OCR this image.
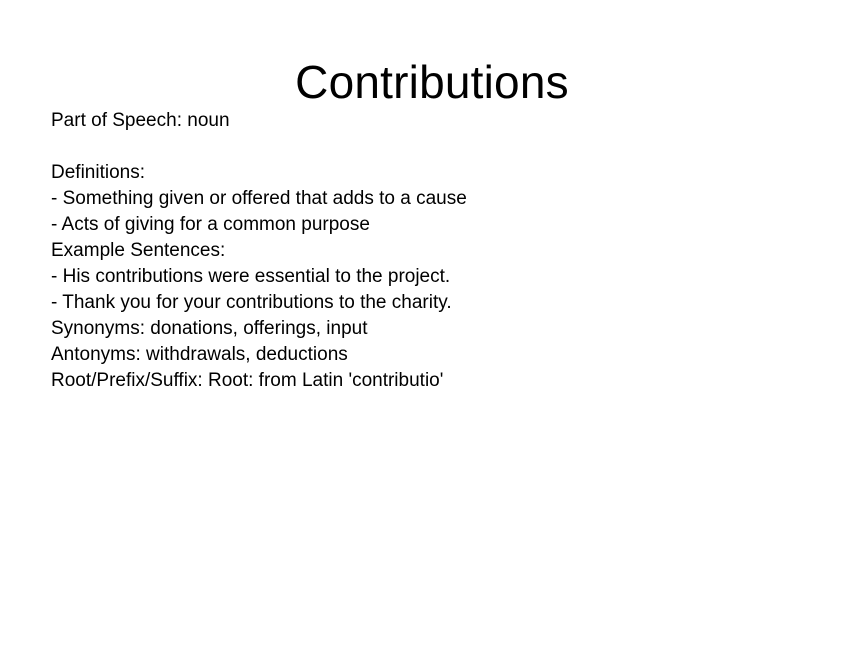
Contributions
Part of Speech: noun
Definitions:
- Something given or offered that adds to a cause
- Acts of giving for a common purpose
Example Sentences:
- His contributions were essential to the project.
- Thank you for your contributions to the charity.
Synonyms: donations, offerings, input
Antonyms: withdrawals, deductions
Root/Prefix/Suffix: Root: from Latin 'contributio'
